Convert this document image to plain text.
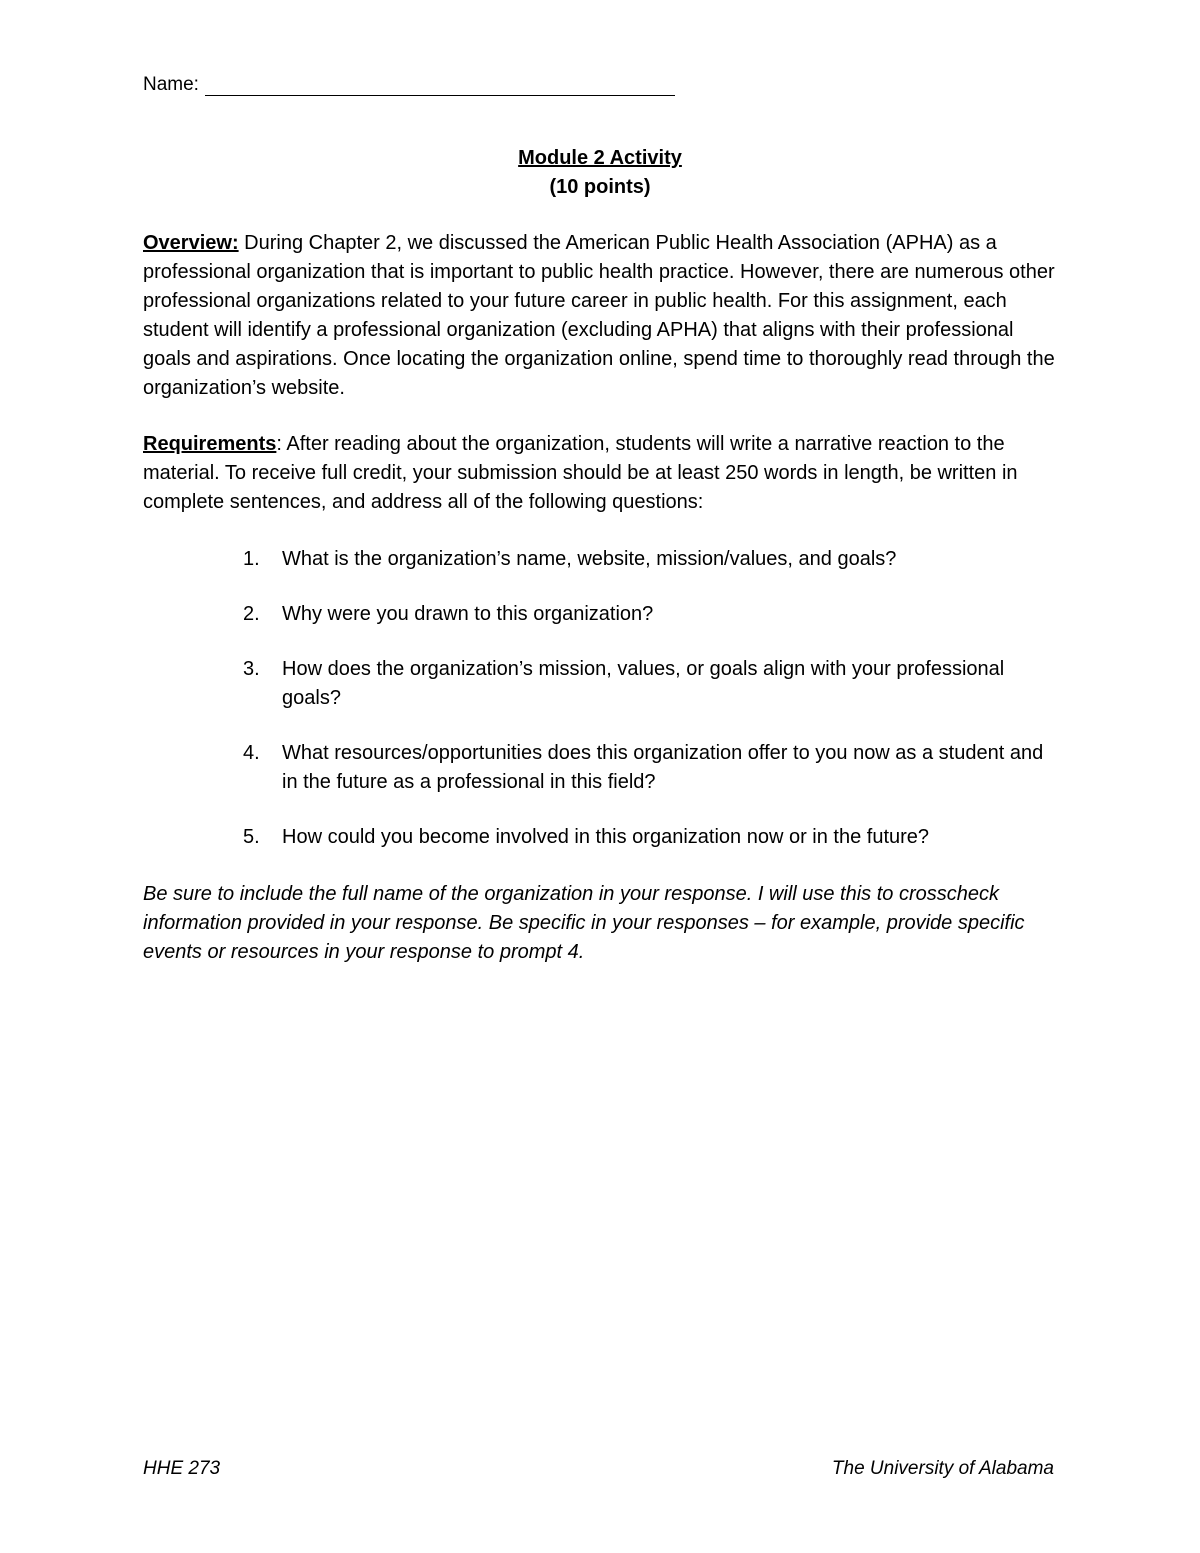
Name:
Module 2 Activity
(10 points)
Overview: During Chapter 2, we discussed the American Public Health Association (APHA) as a professional organization that is important to public health practice. However, there are numerous other professional organizations related to your future career in public health. For this assignment, each student will identify a professional organization (excluding APHA) that aligns with their professional goals and aspirations. Once locating the organization online, spend time to thoroughly read through the organization’s website.
Requirements: After reading about the organization, students will write a narrative reaction to the material. To receive full credit, your submission should be at least 250 words in length, be written in complete sentences, and address all of the following questions:
1.	What is the organization’s name, website, mission/values, and goals?
2.	Why were you drawn to this organization?
3.	How does the organization’s mission, values, or goals align with your professional goals?
4.	What resources/opportunities does this organization offer to you now as a student and in the future as a professional in this field?
5.	How could you become involved in this organization now or in the future?
Be sure to include the full name of the organization in your response. I will use this to crosscheck information provided in your response. Be specific in your responses – for example, provide specific events or resources in your response to prompt 4.
HHE 273	The University of Alabama
